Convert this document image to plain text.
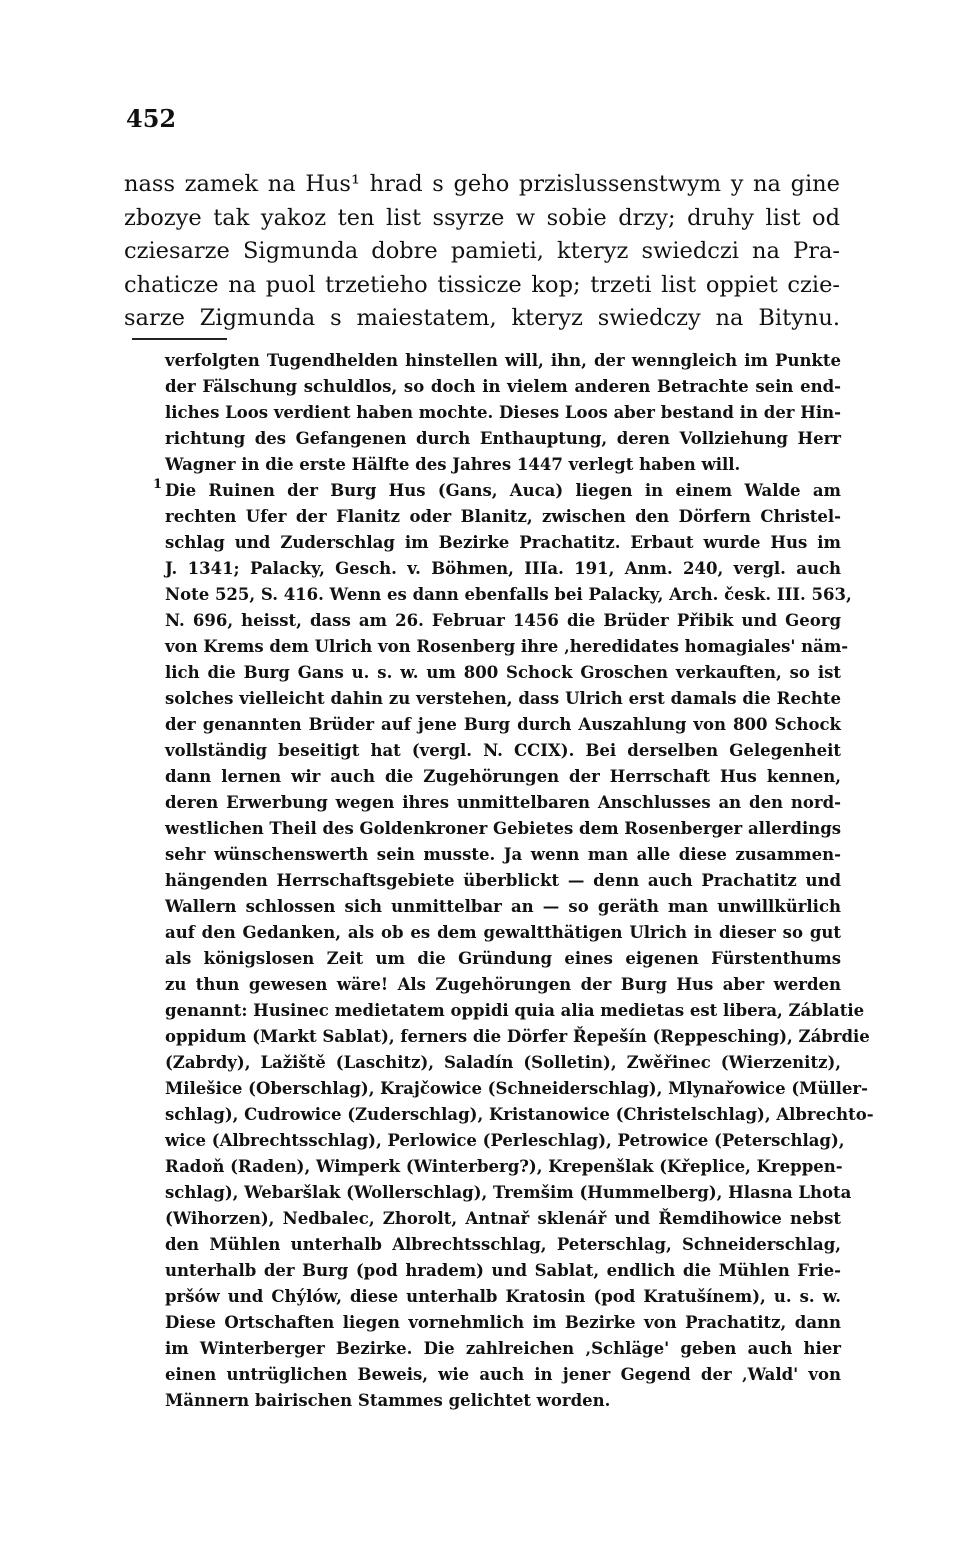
452
nass zamek na Hus¹ hrad s geho przislussenstwym y na gine
zbozye tak yakoz ten list ssyrze w sobie drzy; druhy list od
cziesarze Sigmunda dobre pamieti, kteryz swiedczi na Pra-
chaticze na puol trzetieho tissicze kop; trzeti list oppiet czie-
sarze Zigmunda s maiestatem, kteryz swiedczy na Bitynu.
verfolgten Tugendhelden hinstellen will, ihn, der wenngleich im Punkte
der Fälschung schuldlos, so doch in vielem anderen Betrachte sein end-
liches Loos verdient haben mochte. Dieses Loos aber bestand in der Hin-
richtung des Gefangenen durch Enthauptung, deren Vollziehung Herr
Wagner in die erste Hälfte des Jahres 1447 verlegt haben will.
1 Die Ruinen der Burg Hus (Gans, Auca) liegen in einem Walde am
rechten Ufer der Flanitz oder Blanitz, zwischen den Dörfern Christel-
schlag und Zuderschlag im Bezirke Prachatitz. Erbaut wurde Hus im
J. 1341; Palacky, Gesch. v. Böhmen, IIIa. 191, Anm. 240, vergl. auch
Note 525, S. 416. Wenn es dann ebenfalls bei Palacky, Arch. česk. III. 563,
N. 696, heisst, dass am 26. Februar 1456 die Brüder Přibik und Georg
von Krems dem Ulrich von Rosenberg ihre ‚heredidates homagiales' näm-
lich die Burg Gans u. s. w. um 800 Schock Groschen verkauften, so ist
solches vielleicht dahin zu verstehen, dass Ulrich erst damals die Rechte
der genannten Brüder auf jene Burg durch Auszahlung von 800 Schock
vollständig beseitigt hat (vergl. N. CCIX). Bei derselben Gelegenheit
dann lernen wir auch die Zugehörungen der Herrschaft Hus kennen,
deren Erwerbung wegen ihres unmittelbaren Anschlusses an den nord-
westlichen Theil des Goldenkroner Gebietes dem Rosenberger allerdings
sehr wünschenswerth sein musste. Ja wenn man alle diese zusammen-
hängenden Herrschaftsgebiete überblickt — denn auch Prachatitz und
Wallern schlossen sich unmittelbar an — so geräth man unwillkürlich
auf den Gedanken, als ob es dem gewaltthätigen Ulrich in dieser so gut
als königslosen Zeit um die Gründung eines eigenen Fürstenthums
zu thun gewesen wäre! Als Zugehörungen der Burg Hus aber werden
genannt: Husinec medietatem oppidi quia alia medietas est libera, Záblatie
oppidum (Markt Sablat), ferners die Dörfer Řepešín (Reppesching), Zábrdie
(Zabrdy), Lažiště (Laschitz), Saladín (Solletin), Zwěřinec (Wierzenitz),
Milešice (Oberschlag), Krajčowice (Schneiderschlag), Mlynařowice (Müller-
schlag), Cudrowice (Zuderschlag), Kristanowice (Christelschlag), Albrechto-
wice (Albrechtsschlag), Perlowice (Perleschlag), Petrowice (Peterschlag),
Radoň (Raden), Wimperk (Winterberg?), Krepenšlak (Křeplice, Kreppen-
schlag), Webaršlak (Wollerschlag), Tremšim (Hummelberg), Hlasna Lhota
(Wihorzen), Nedbalec, Zhorolt, Antnař sklenář und Řemdihowice nebst
den Mühlen unterhalb Albrechtsschlag, Peterschlag, Schneiderschlag,
unterhalb der Burg (pod hradem) und Sablat, endlich die Mühlen Frie-
pršów und Chýlów, diese unterhalb Kratosin (pod Kratušínem), u. s. w.
Diese Ortschaften liegen vornehmlich im Bezirke von Prachatitz, dann
im Winterberger Bezirke. Die zahlreichen ‚Schläge' geben auch hier
einen untrüglichen Beweis, wie auch in jener Gegend der ‚Wald' von
Männern bairischen Stammes gelichtet worden.
